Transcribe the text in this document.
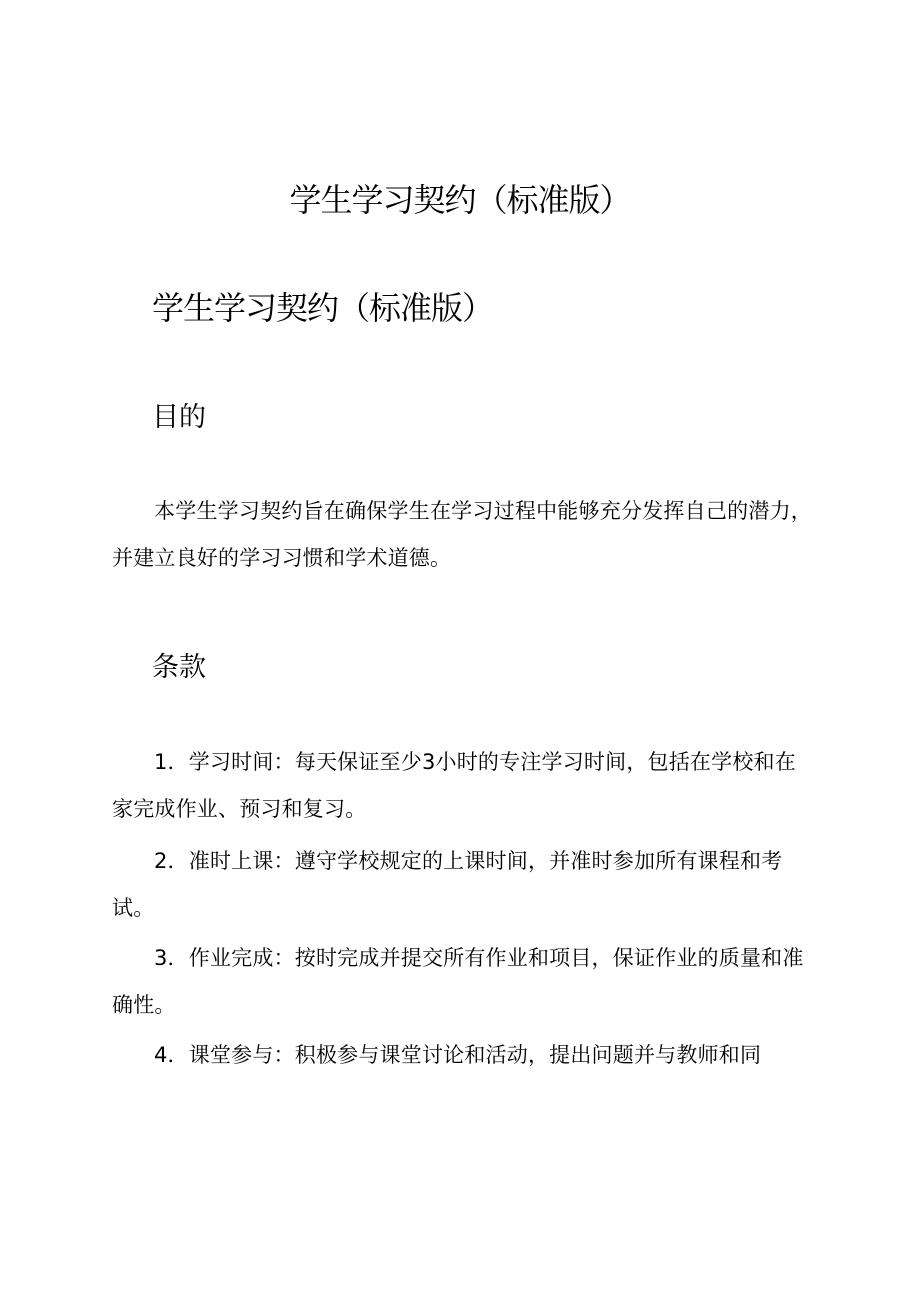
学生学习契约（标准版）
学生学习契约（标准版）
目的

本学生学习契约旨在确保学生在学习过程中能够充分发挥自己的潜力，并建立良好的学习习惯和学术道德。

条款

1．学习时间：每天保证至少3小时的专注学习时间，包括在学校和在家完成作业、预习和复习。

2．准时上课：遵守学校规定的上课时间，并准时参加所有课程和考试。

3．作业完成：按时完成并提交所有作业和项目，保证作业的质量和准确性。

4．课堂参与：积极参与课堂讨论和活动，提出问题并与教师和同
